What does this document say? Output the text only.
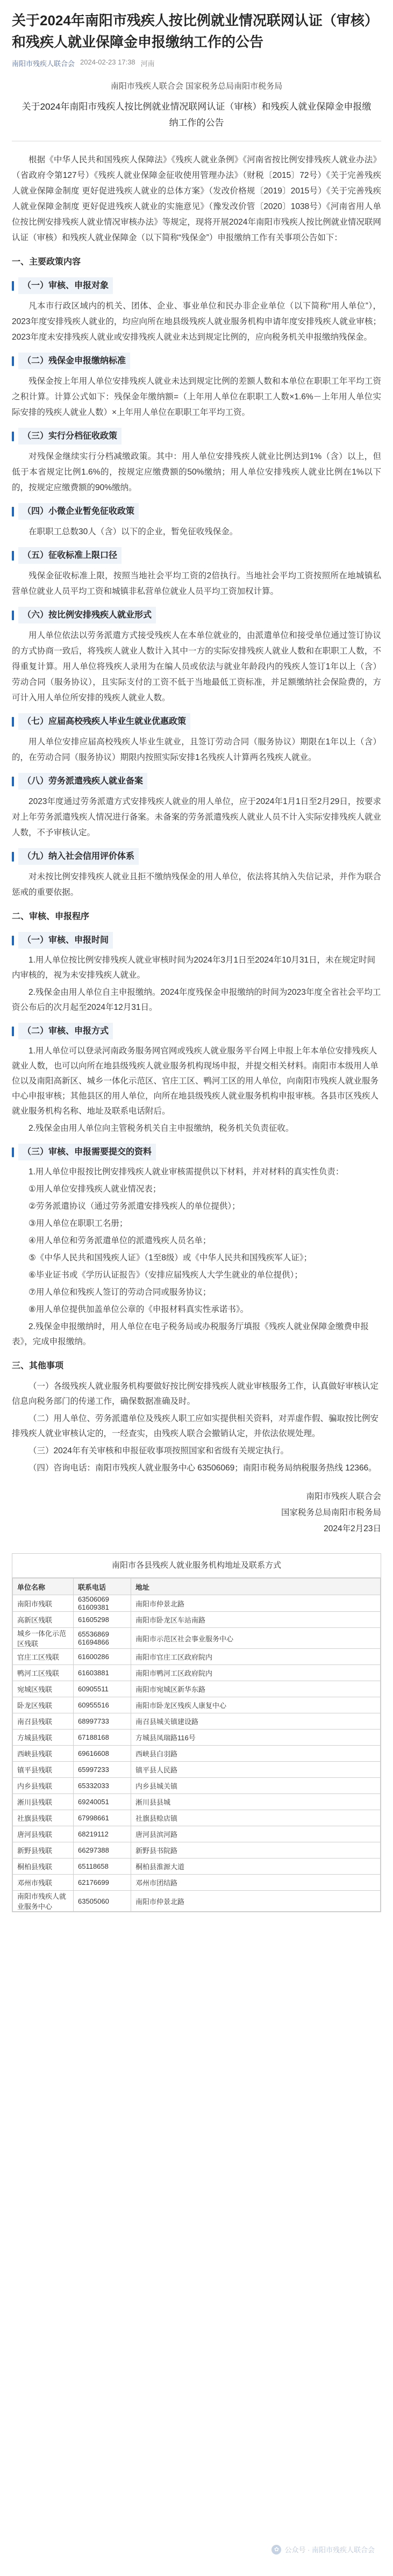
关于2024年南阳市残疾人按比例就业情况联网认证（审核）和残疾人就业保障金申报缴纳工作的公告
南阳市残疾人联合会 2024-02-23 17:38 河南
南阳市残疾人联合会 国家税务总局南阳市税务局
关于2024年南阳市残疾人按比例就业情况联网认证（审核）和残疾人就业保障金申报缴纳工作的公告

根据《中华人民共和国残疾人保障法》《残疾人就业条例》《河南省按比例安排残疾人就业办法》（省政府令第127号）《残疾人就业保障金征收使用管理办法》（财税〔2015〕72号）《关于完善残疾人就业保障金制度 更好促进残疾人就业的总体方案》（发改价格规〔2019〕2015号）《关于完善残疾人就业保障金制度 更好促进残疾人就业的实施意见》（豫发改价管〔2020〕1038号）《河南省用人单位按比例安排残疾人就业情况审核办法》等规定，现将开展2024年南阳市残疾人按比例就业情况联网认证（审核）和残疾人就业保障金（以下简称“残保金”）申报缴纳工作有关事项公告如下：

一、主要政策内容
（一）审核、申报对象

凡本市行政区域内的机关、团体、企业、事业单位和民办非企业单位（以下简称“用人单位”），2023年度安排残疾人就业的，均应向所在地县级残疾人就业服务机构申请年度安排残疾人就业审核；2023年度未安排残疾人就业或安排残疾人就业未达到规定比例的，应向税务机关申报缴纳残保金。

（二）残保金申报缴纳标准

残保金按上年用人单位安排残疾人就业未达到规定比例的差额人数和本单位在职职工年平均工资之积计算。计算公式如下：残保金年缴纳额=（上年用人单位在职职工人数×1.6%－上年用人单位实际安排的残疾人就业人数）×上年用人单位在职职工年平均工资。

（三）实行分档征收政策

对残保金继续实行分档减缴政策。其中：用人单位安排残疾人就业比例达到1%（含）以上，但低于本省规定比例1.6%的，按规定应缴费额的50%缴纳；用人单位安排残疾人就业比例在1%以下的，按规定应缴费额的90%缴纳。

（四）小微企业暂免征收政策

在职职工总数30人（含）以下的企业，暂免征收残保金。

（五）征收标准上限口径

残保金征收标准上限，按照当地社会平均工资的2倍执行。当地社会平均工资按照所在地城镇私营单位就业人员平均工资和城镇非私营单位就业人员平均工资加权计算。

（六）按比例安排残疾人就业形式

用人单位依法以劳务派遣方式接受残疾人在本单位就业的，由派遣单位和接受单位通过签订协议的方式协商一致后，将残疾人就业人数计入其中一方的实际安排残疾人就业人数和在职职工人数，不得重复计算。用人单位将残疾人录用为在编人员或依法与就业年龄段内的残疾人签订1年以上（含）劳动合同（服务协议），且实际支付的工资不低于当地最低工资标准，并足额缴纳社会保险费的，方可计入用人单位所安排的残疾人就业人数。

（七）应届高校残疾人毕业生就业优惠政策

用人单位安排应届高校残疾人毕业生就业，且签订劳动合同（服务协议）期限在1年以上（含）的，在劳动合同（服务协议）期限内按照实际安排1名残疾人计算两名残疾人就业。

（八）劳务派遣残疾人就业备案

2023年度通过劳务派遣方式安排残疾人就业的用人单位，应于2024年1月1日至2月29日，按要求对上年劳务派遣残疾人情况进行备案。未备案的劳务派遣残疾人就业人员不计入实际安排残疾人就业人数，不予审核认定。

（九）纳入社会信用评价体系

对未按比例安排残疾人就业且拒不缴纳残保金的用人单位，依法将其纳入失信记录，并作为联合惩戒的重要依据。

二、审核、申报程序
（一）审核、申报时间
1.用人单位按比例安排残疾人就业审核时间为2024年3月1日至2024年10月31日，未在规定时间内审核的，视为未安排残疾人就业。
2.残保金由用人单位自主申报缴纳。2024年度残保金申报缴纳的时间为2023年度全省社会平均工资公布后的次月起至2024年12月31日。
（二）审核、申报方式
1.用人单位可以登录河南政务服务网官网或残疾人就业服务平台网上申报上年本单位安排残疾人就业人数，也可以向所在地县级残疾人就业服务机构现场申报，并提交相关材料。南阳市本级用人单位以及南阳高新区、城乡一体化示范区、官庄工区、鸭河工区的用人单位，向南阳市残疾人就业服务中心申报审核；其他县区的用人单位，向所在地县级残疾人就业服务机构申报审核。各县市区残疾人就业服务机构名称、地址及联系电话附后。
2.残保金由用人单位向主管税务机关自主申报缴纳，税务机关负责征收。
（三）审核、申报需要提交的资料
1.用人单位申报按比例安排残疾人就业审核需提供以下材料，并对材料的真实性负责：
①用人单位安排残疾人就业情况表；
②劳务派遣协议（通过劳务派遣安排残疾人的单位提供）；
③用人单位在职职工名册；
④用人单位和劳务派遣单位的派遣残疾人员名单；
⑤《中华人民共和国残疾人证》（1至8级）或《中华人民共和国残疾军人证》；
⑥毕业证书或《学历认证报告》（安排应届残疾人大学生就业的单位提供）；
⑦用人单位和残疾人签订的劳动合同或服务协议；
⑧用人单位提供加盖单位公章的《申报材料真实性承诺书》。
2.残保金申报缴纳时，用人单位在电子税务局或办税服务厅填报《残疾人就业保障金缴费申报表》，完成申报缴纳。
三、其他事项
（一）各级残疾人就业服务机构要做好按比例安排残疾人就业审核服务工作，认真做好审核认定信息向税务部门的传递工作，确保数据准确及时。
（二）用人单位、劳务派遣单位及残疾人职工应如实提供相关资料，对弄虚作假、骗取按比例安排残疾人就业审核认定的，一经查实，由残疾人联合会撤销认定，并依法依规处理。
（三）2024年有关审核和申报征收事项按照国家和省级有关规定执行。
（四）咨询电话：南阳市残疾人就业服务中心 63506069；南阳市税务局纳税服务热线 12366。
南阳市残疾人联合会
国家税务总局南阳市税务局
2024年2月23日
南阳市各县残疾人就业服务机构地址及联系方式
单位名称	联系电话	地址
南阳市残联	63506069 61609381	南阳市仲景北路
高新区残联	61605298	南阳市卧龙区车站南路
城乡一体化示范区残联	65536869 61694866	南阳市示范区社会事业服务中心
官庄工区残联	61600286	南阳市官庄工区政府院内
鸭河工区残联	61603881	南阳市鸭河工区政府院内
宛城区残联	60905511	南阳市宛城区新华东路
卧龙区残联	60955516	南阳市卧龙区残疾人康复中心
南召县残联	68997733	南召县城关镇建设路
方城县残联	67188168	方城县凤瑞路116号
西峡县残联	69616608	西峡县白羽路
镇平县残联	65997233	镇平县人民路
内乡县残联	65332033	内乡县城关镇
淅川县残联	69240051	淅川县县城
社旗县残联	67998661	社旗县赊店镇
唐河县残联	68219112	唐河县滨河路
新野县残联	66297388	新野县书院路
桐柏县残联	65118658	桐柏县淮源大道
邓州市残联	62176699	邓州市团结路
南阳市残疾人就业服务中心	63505060	南阳市仲景北路
✿ 公众号 · 南阳市残疾人联合会
